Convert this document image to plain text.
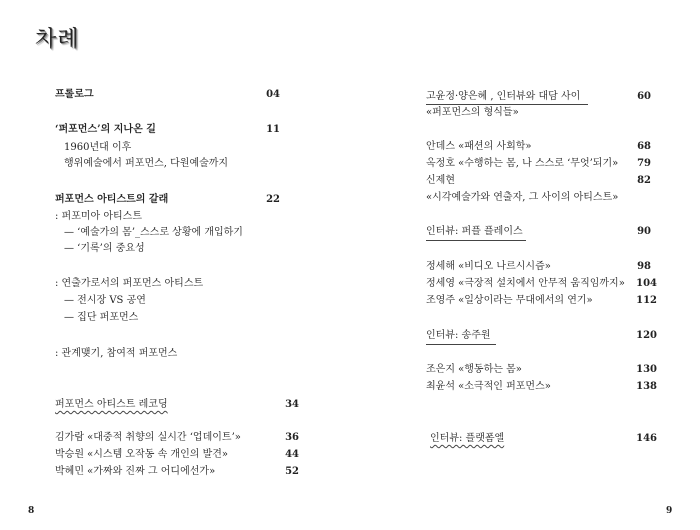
차례
프롤로그	04
‘퍼포먼스’의 지나온 길	11
1960년대 이후
행위예술에서 퍼포먼스, 다원예술까지
퍼포먼스 아티스트의 갈래	22
: 퍼포미아 아티스트
— ‘예술가의 몸’_스스로 상황에 개입하기
— ‘기록’의 중요성
: 연출가로서의 퍼포먼스 아티스트
— 전시장 VS 공연
— 집단 퍼포먼스
: 관계맺기, 참여적 퍼포먼스
퍼포먼스 아티스트 레코딩	34
김가람 «대중적 취향의 실시간 ‘업데이트’»	36
박승원 «시스템 오작동 속 개인의 발견»	44
박혜민 «가짜와 진짜 그 어디에선가»	52
8
고윤정·양은혜 , 인터뷰와 대담 사이	60
«퍼포먼스의 형식들»
안데스 «패션의 사회학»	68
옥정호 «수행하는 몸, 나 스스로 ‘무엇’되기»	79
신제현	82
«시각예술가와 연출자, 그 사이의 아티스트»
인터뷰: 퍼플 플레이스	90
정세해 «비디오 나르시시즘»	98
정세영 «극장적 설치에서 안무적 움직임까지»	104
조영주 «일상이라는 무대에서의 연기»	112
인터뷰: 송주원	120
조은지 «행동하는 몸»	130
최윤석 «소극적인 퍼포먼스»	138
인터뷰: 플랫폼엘	146
9
